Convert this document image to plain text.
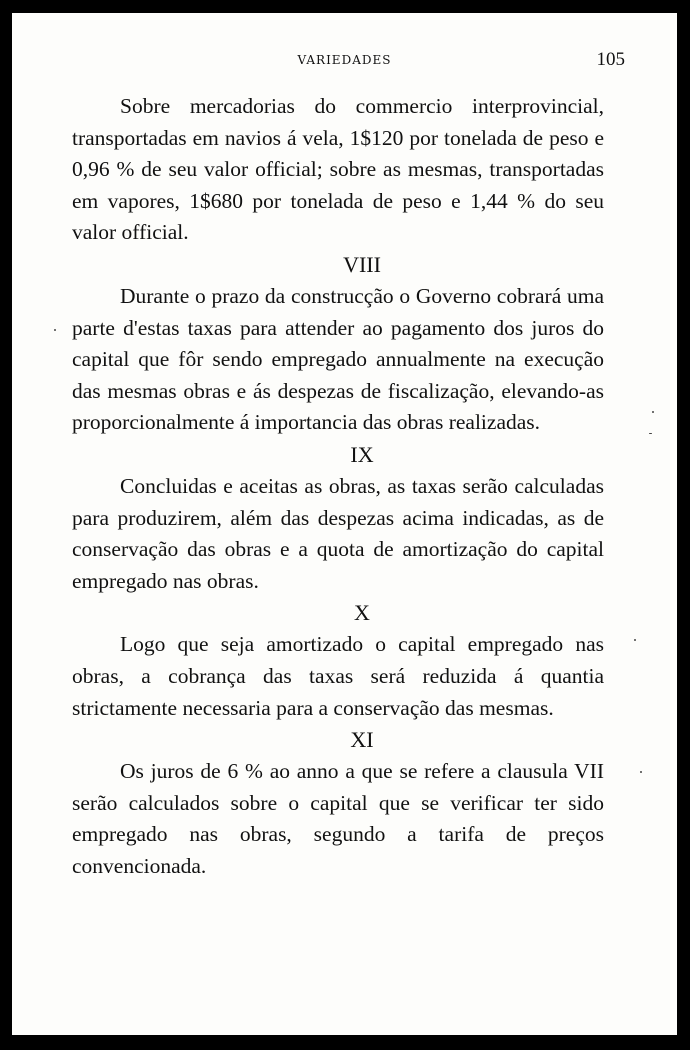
VARIEDADES	105

Sobre mercadorias do commercio interprovincial, transportadas em navios á vela, 1$120 por tonelada de peso e 0,96 % de seu valor official; sobre as mesmas, transportadas em vapores, 1$680 por tonelada de peso e 1,44 % do seu valor official.

VIII

Durante o prazo da construcção o Governo cobrará uma parte d'estas taxas para attender ao pagamento dos juros do capital que fôr sendo empregado annualmente na execução das mesmas obras e ás despezas de fiscalização, elevando-as proporcionalmente á importancia das obras realizadas.

IX

Concluidas e aceitas as obras, as taxas serão calculadas para produzirem, além das despezas acima indicadas, as de conservação das obras e a quota de amortização do capital empregado nas obras.

X

Logo que seja amortizado o capital empregado nas obras, a cobrança das taxas será reduzida á quantia strictamente necessaria para a conservação das mesmas.

XI

Os juros de 6 % ao anno a que se refere a clausula VII serão calculados sobre o capital que se verificar ter sido empregado nas obras, segundo a tarifa de preços convencionada.
